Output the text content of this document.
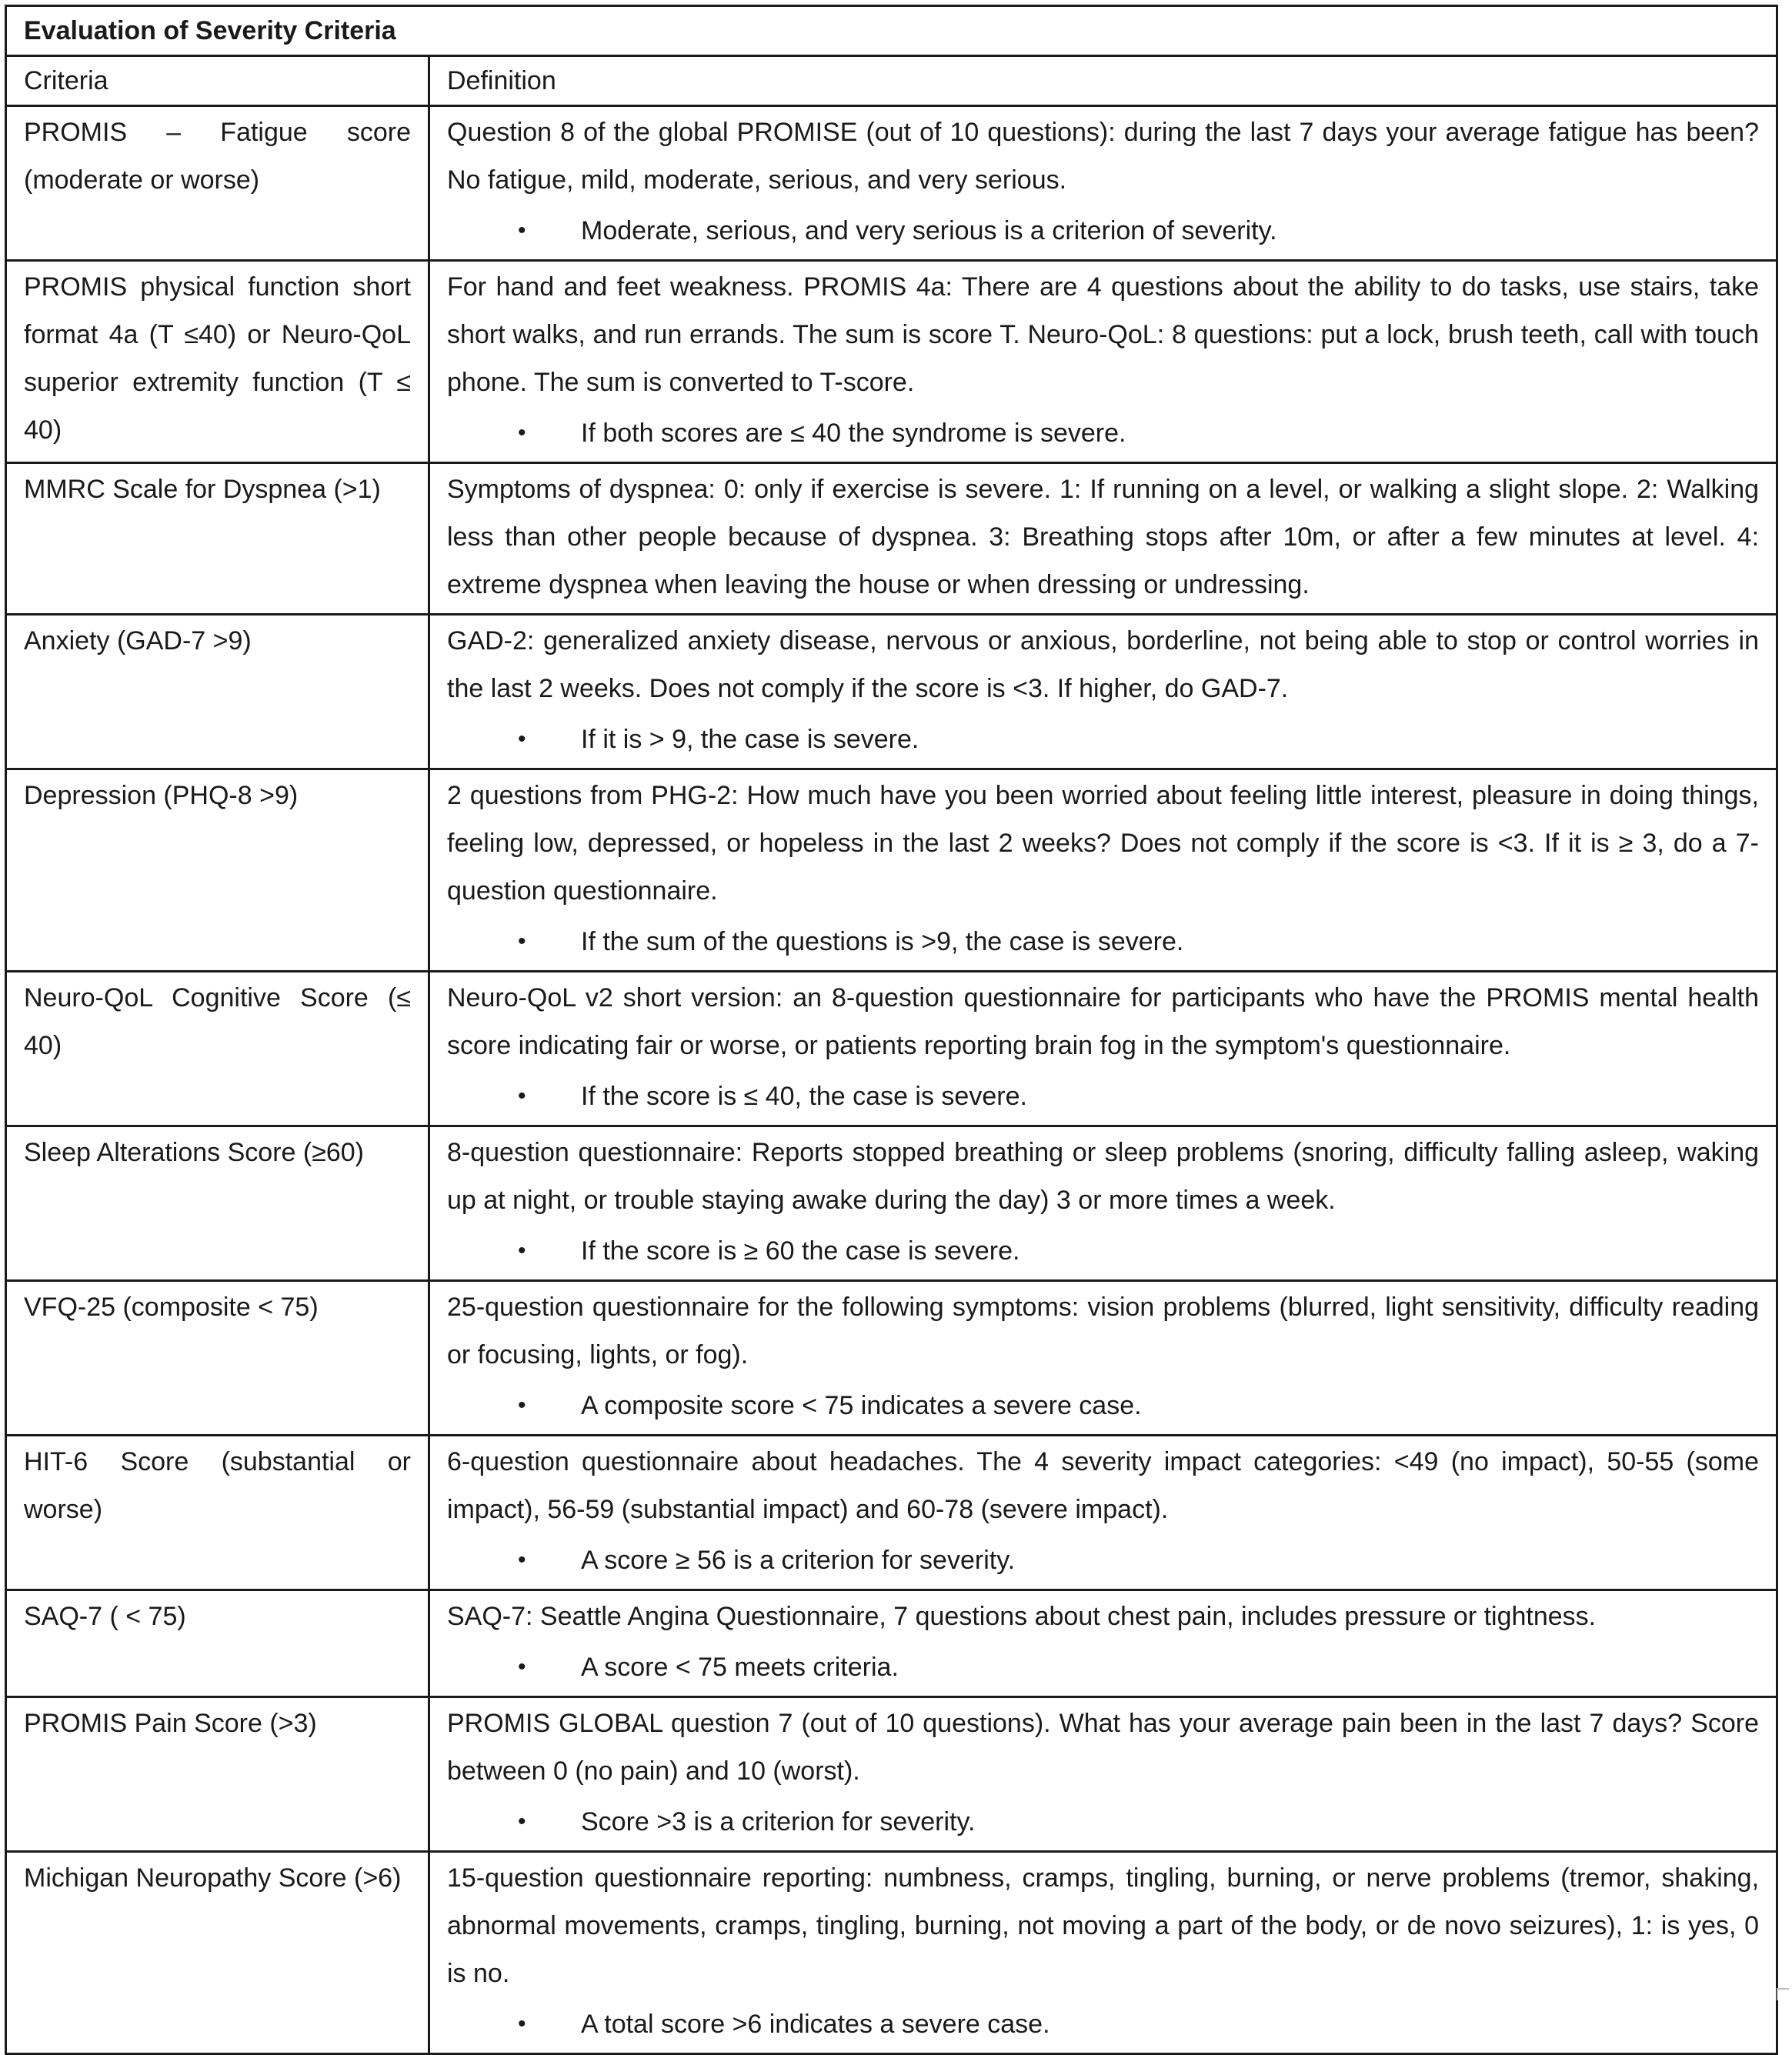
Evaluation of Severity Criteria	
Criteria	Definition
PROMIS – Fatigue score (moderate or worse)	Question 8 of the global PROMISE (out of 10 questions): during the last 7 days your average fatigue has been? No fatigue, mild, moderate, serious, and very serious.
• Moderate, serious, and very serious is a criterion of severity.

PROMIS physical function short format 4a (T ≤40) or Neuro-QoL superior extremity function (T ≤ 40)	For hand and feet weakness. PROMIS 4a: There are 4 questions about the ability to do tasks, use stairs, take short walks, and run errands. The sum is score T. Neuro-QoL: 8 questions: put a lock, brush teeth, call with touch phone. The sum is converted to T-score.
• If both scores are ≤ 40 the syndrome is severe.

MMRC Scale for Dyspnea (>1)	Symptoms of dyspnea: 0: only if exercise is severe. 1: If running on a level, or walking a slight slope. 2: Walking less than other people because of dyspnea. 3: Breathing stops after 10m, or after a few minutes at level. 4: extreme dyspnea when leaving the house or when dressing or undressing.

Anxiety (GAD-7 >9)	GAD-2: generalized anxiety disease, nervous or anxious, borderline, not being able to stop or control worries in the last 2 weeks. Does not comply if the score is <3. If higher, do GAD-7.
• If it is > 9, the case is severe.

Depression (PHQ-8 >9)	2 questions from PHG-2: How much have you been worried about feeling little interest, pleasure in doing things, feeling low, depressed, or hopeless in the last 2 weeks? Does not comply if the score is <3. If it is ≥ 3, do a 7-question questionnaire.
• If the sum of the questions is >9, the case is severe.

Neuro-QoL Cognitive Score (≤ 40)	Neuro-QoL v2 short version: an 8-question questionnaire for participants who have the PROMIS mental health score indicating fair or worse, or patients reporting brain fog in the symptom's questionnaire.
• If the score is ≤ 40, the case is severe.

Sleep Alterations Score (≥60)	8-question questionnaire: Reports stopped breathing or sleep problems (snoring, difficulty falling asleep, waking up at night, or trouble staying awake during the day) 3 or more times a week.
• If the score is ≥ 60 the case is severe.

VFQ-25 (composite < 75)	25-question questionnaire for the following symptoms: vision problems (blurred, light sensitivity, difficulty reading or focusing, lights, or fog).
• A composite score < 75 indicates a severe case.

HIT-6 Score (substantial or worse)	6-question questionnaire about headaches. The 4 severity impact categories: <49 (no impact), 50-55 (some impact), 56-59 (substantial impact) and 60-78 (severe impact).
• A score ≥ 56 is a criterion for severity.

SAQ-7 ( < 75)	SAQ-7: Seattle Angina Questionnaire, 7 questions about chest pain, includes pressure or tightness.
• A score < 75 meets criteria.

PROMIS Pain Score (>3)	PROMIS GLOBAL question 7 (out of 10 questions). What has your average pain been in the last 7 days? Score between 0 (no pain) and 10 (worst).
• Score >3 is a criterion for severity.

Michigan Neuropathy Score (>6)	15-question questionnaire reporting: numbness, cramps, tingling, burning, or nerve problems (tremor, shaking, abnormal movements, cramps, tingling, burning, not moving a part of the body, or de novo seizures), 1: is yes, 0 is no.
• A total score >6 indicates a severe case.
